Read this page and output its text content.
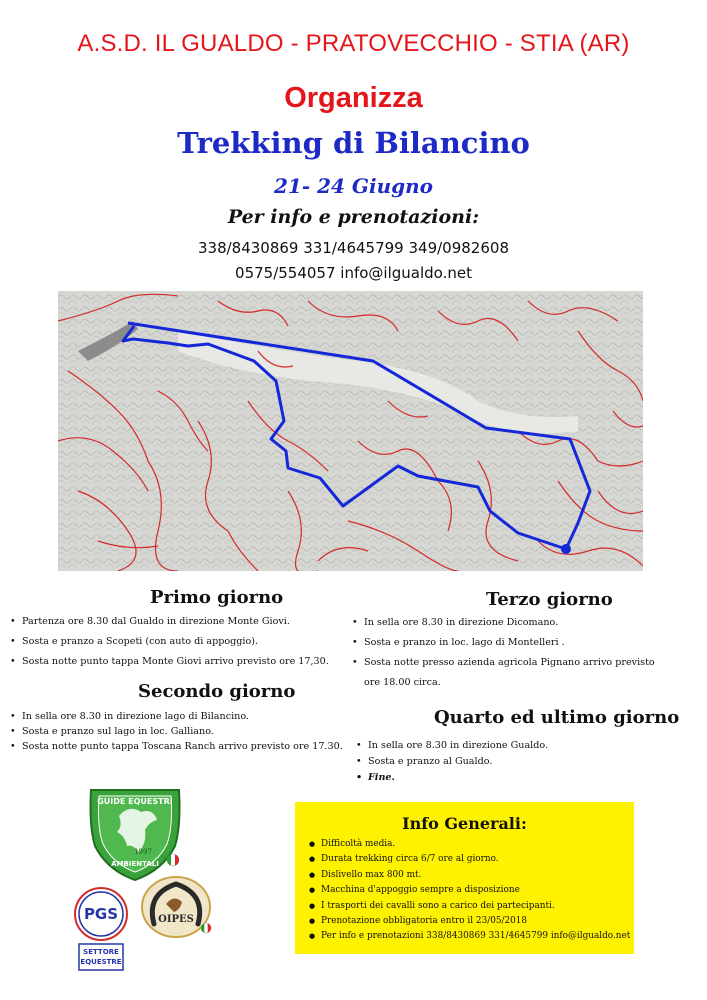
A.S.D. IL GUALDO - PRATOVECCHIO - STIA (AR)
Organizza
Trekking di Bilancino
21- 24 Giugno
Per info e prenotazioni:
338/8430869 331/4645799 349/0982608
0575/554057 info@ilgualdo.net
Primo giorno
• Partenza ore 8.30 dal Gualdo in direzione Monte Giovi.
• Sosta e pranzo a Scopeti (con auto di appoggio).
• Sosta notte punto tappa Monte Giovi arrivo previsto ore 17,30.
Secondo giorno
• In sella ore 8.30 in direzione lago di Bilancino.
• Sosta e pranzo sul lago in loc. Galliano.
• Sosta notte punto tappa Toscana Ranch arrivo previsto ore 17.30.
Terzo giorno
• In sella ore 8.30 in direzione Dicomano.
• Sosta e pranzo in loc. lago di Montelleri .
• Sosta notte presso azienda agricola Pignano arrivo previsto
ore 18.00 circa.
Quarto ed ultimo giorno
• In sella ore 8.30 in direzione Gualdo.
• Sosta e pranzo al Gualdo.
• Fine.
Info Generali:
● Difficoltà media.
● Durata trekking circa 6/7 ore al giorno.
● Dislivello max 800 mt.
● Macchina d'appoggio sempre a disposizione
● I trasporti dei cavalli sono a carico dei partecipanti.
● Prenotazione obbligatoria entro il 23/05/2018
● Per info e prenotazioni 338/8430869 331/4645799 info@ilgualdo.net
GUIDE EQUESTRI
AMBIENTALI
1997
PGS
SETTORE EQUESTRE
OIPES
